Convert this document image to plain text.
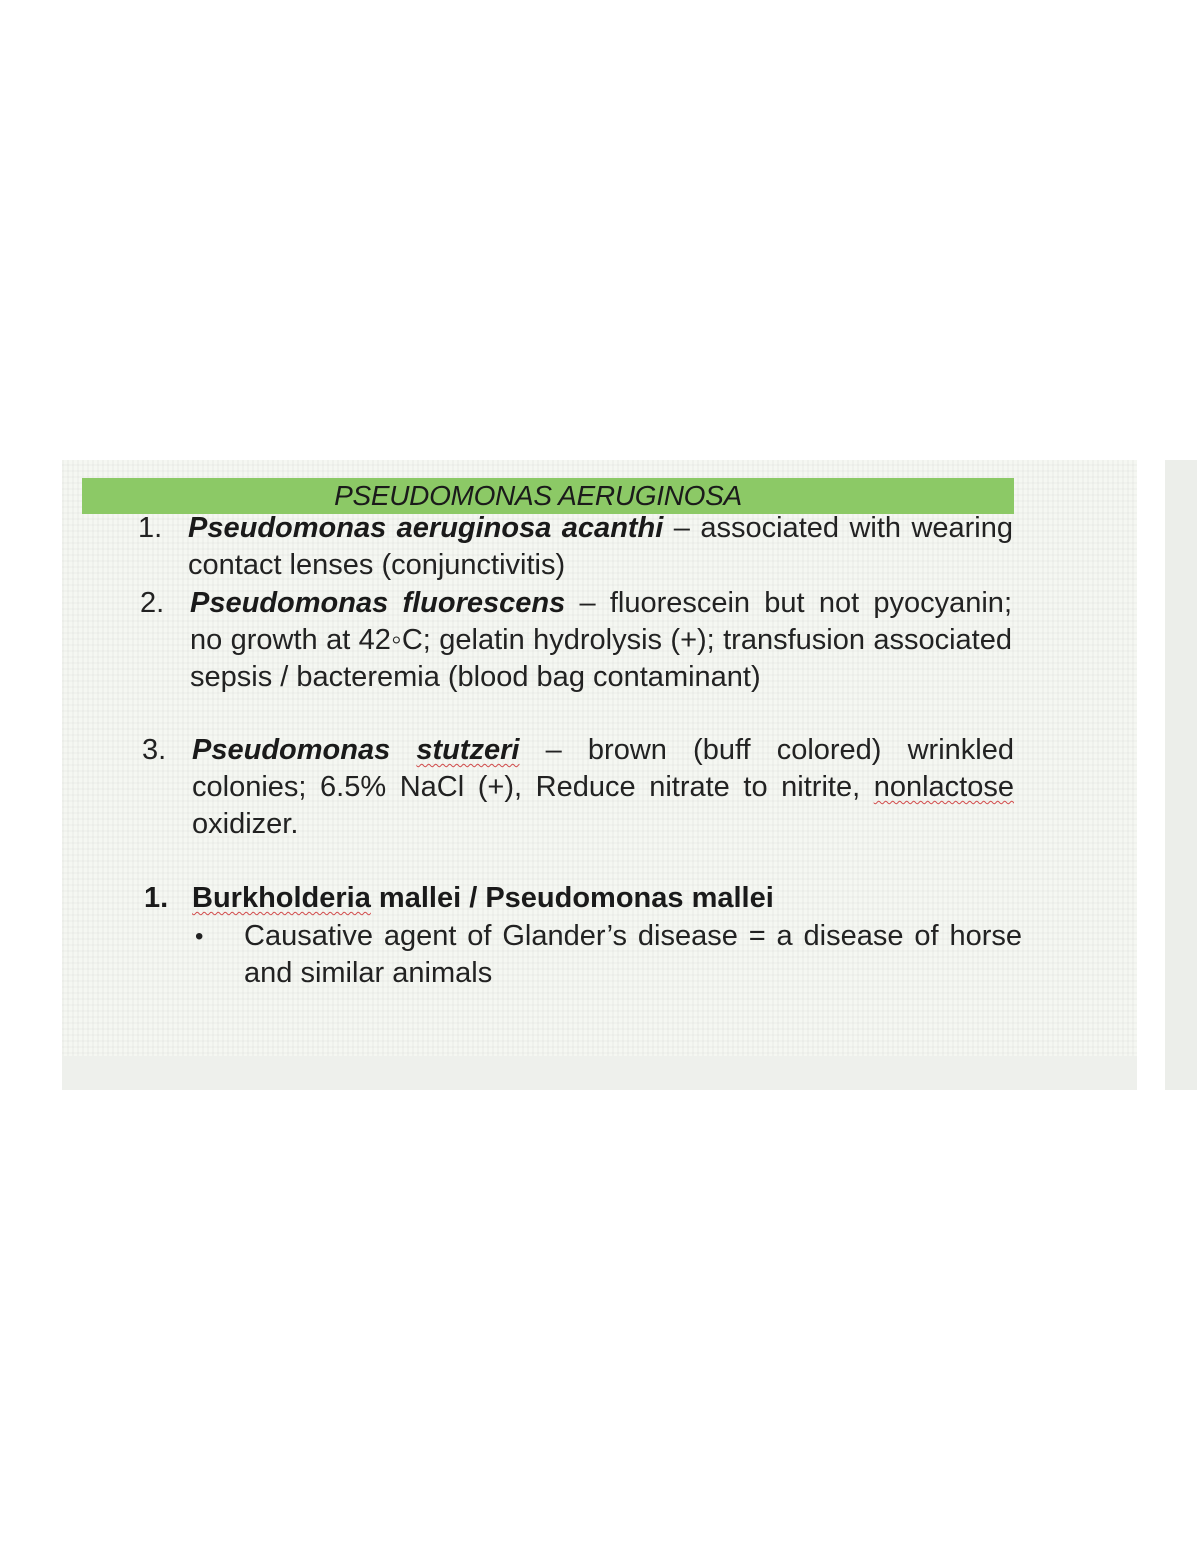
PSEUDOMONAS AERUGINOSA
1. Pseudomonas aeruginosa acanthi – associated with wearing contact lenses (conjunctivitis)
2. Pseudomonas fluorescens – fluorescein but not pyocyanin; no growth at 42◦C; gelatin hydrolysis (+); transfusion associated sepsis / bacteremia (blood bag contaminant)
3. Pseudomonas stutzeri – brown (buff colored) wrinkled colonies; 6.5% NaCl (+), Reduce nitrate to nitrite, nonlactose oxidizer.
1. Burkholderia mallei / Pseudomonas mallei
•	Causative agent of Glander’s disease = a disease of horse and similar animals
